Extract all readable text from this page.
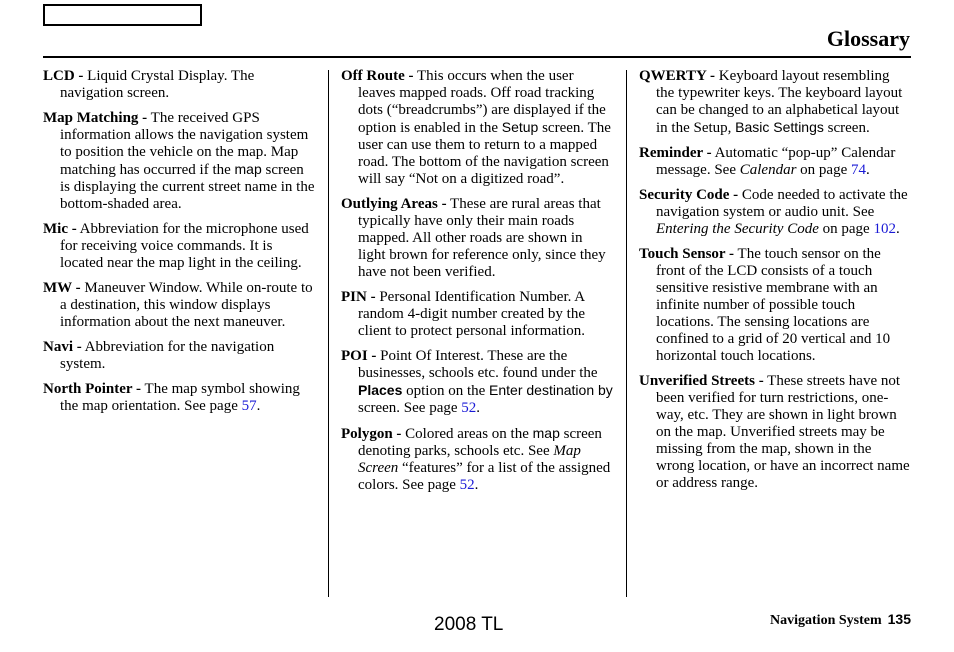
Glossary

LCD - Liquid Crystal Display. The navigation screen.

Map Matching - The received GPS information allows the navigation system to position the vehicle on the map. Map matching has occurred if the map screen is displaying the current street name in the bottom-shaded area.

Mic - Abbreviation for the microphone used for receiving voice commands. It is located near the map light in the ceiling.

MW - Maneuver Window. While on-route to a destination, this window displays information about the next maneuver.

Navi - Abbreviation for the navigation system.

North Pointer - The map symbol showing the map orientation. See page 57.

Off Route - This occurs when the user leaves mapped roads. Off road tracking dots (“breadcrumbs”) are displayed if the option is enabled in the Setup screen. The user can use them to return to a mapped road. The bottom of the navigation screen will say “Not on a digitized road”.

Outlying Areas - These are rural areas that typically have only their main roads mapped. All other roads are shown in light brown for reference only, since they have not been verified.

PIN - Personal Identification Number. A random 4-digit number created by the client to protect personal information.

POI - Point Of Interest. These are the businesses, schools etc. found under the Places option on the Enter destination by screen. See page 52.

Polygon - Colored areas on the map screen denoting parks, schools etc. See Map Screen “features” for a list of the assigned colors. See page 52.

QWERTY - Keyboard layout resembling the typewriter keys. The keyboard layout can be changed to an alphabetical layout in the Setup, Basic Settings screen.

Reminder - Automatic “pop-up” Calendar message. See Calendar on page 74.

Security Code - Code needed to activate the navigation system or audio unit. See Entering the Security Code on page 102.

Touch Sensor - The touch sensor on the front of the LCD consists of a touch sensitive resistive membrane with an infinite number of possible touch locations. The sensing locations are confined to a grid of 20 vertical and 10 horizontal touch locations.

Unverified Streets - These streets have not been verified for turn restrictions, one-way, etc. They are shown in light brown on the map. Unverified streets may be missing from the map, shown in the wrong location, or have an incorrect name or address range.

2008 TL	Navigation System 135
